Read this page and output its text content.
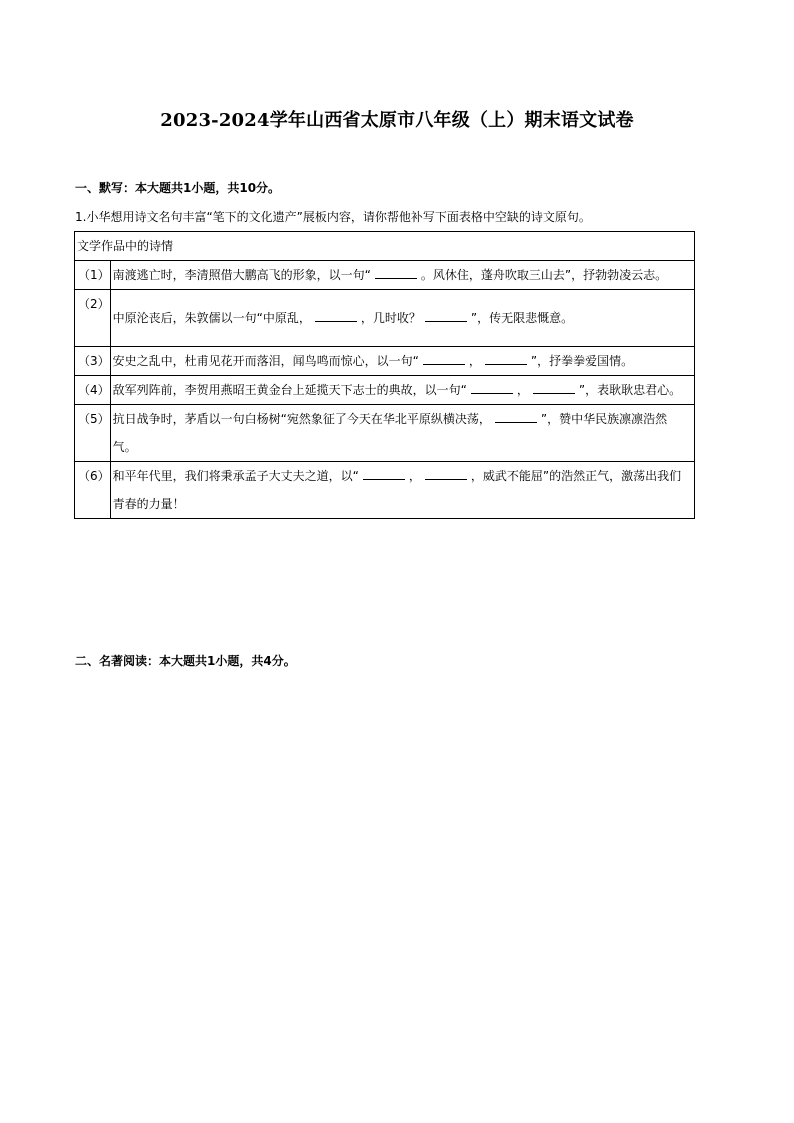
2023-2024学年山西省太原市八年级（上）期末语文试卷
一、默写：本大题共1小题，共10分。
1.小华想用诗文名句丰富“笔下的文化遗产”展板内容，请你帮他补写下面表格中空缺的诗文原句。
文学作品中的诗情	
（1）	南渡逃亡时，李清照借大鹏高飞的形象，以一句“ 。风休住，蓬舟吹取三山去”，抒勃勃凌云志。
（2）	中原沦丧后，朱敦儒以一句“中原乱， ，几时收？ ”，传无限悲慨意。
（3）	安史之乱中，杜甫见花开而落泪，闻鸟鸣而惊心，以一句“ ， ”，抒拳拳爱国情。
（4）	敌军列阵前，李贺用燕昭王黄金台上延揽天下志士的典故，以一句“ ， ”，表耿耿忠君心。
（5）	抗日战争时，茅盾以一句白杨树“宛然象征了今天在华北平原纵横决荡， ”，赞中华民族凛凛浩然气。
（6）	和平年代里，我们将秉承孟子大丈夫之道，以“ ， ，威武不能屈”的浩然正气，激荡出我们青春的力量！
二、名著阅读：本大题共1小题，共4分。
